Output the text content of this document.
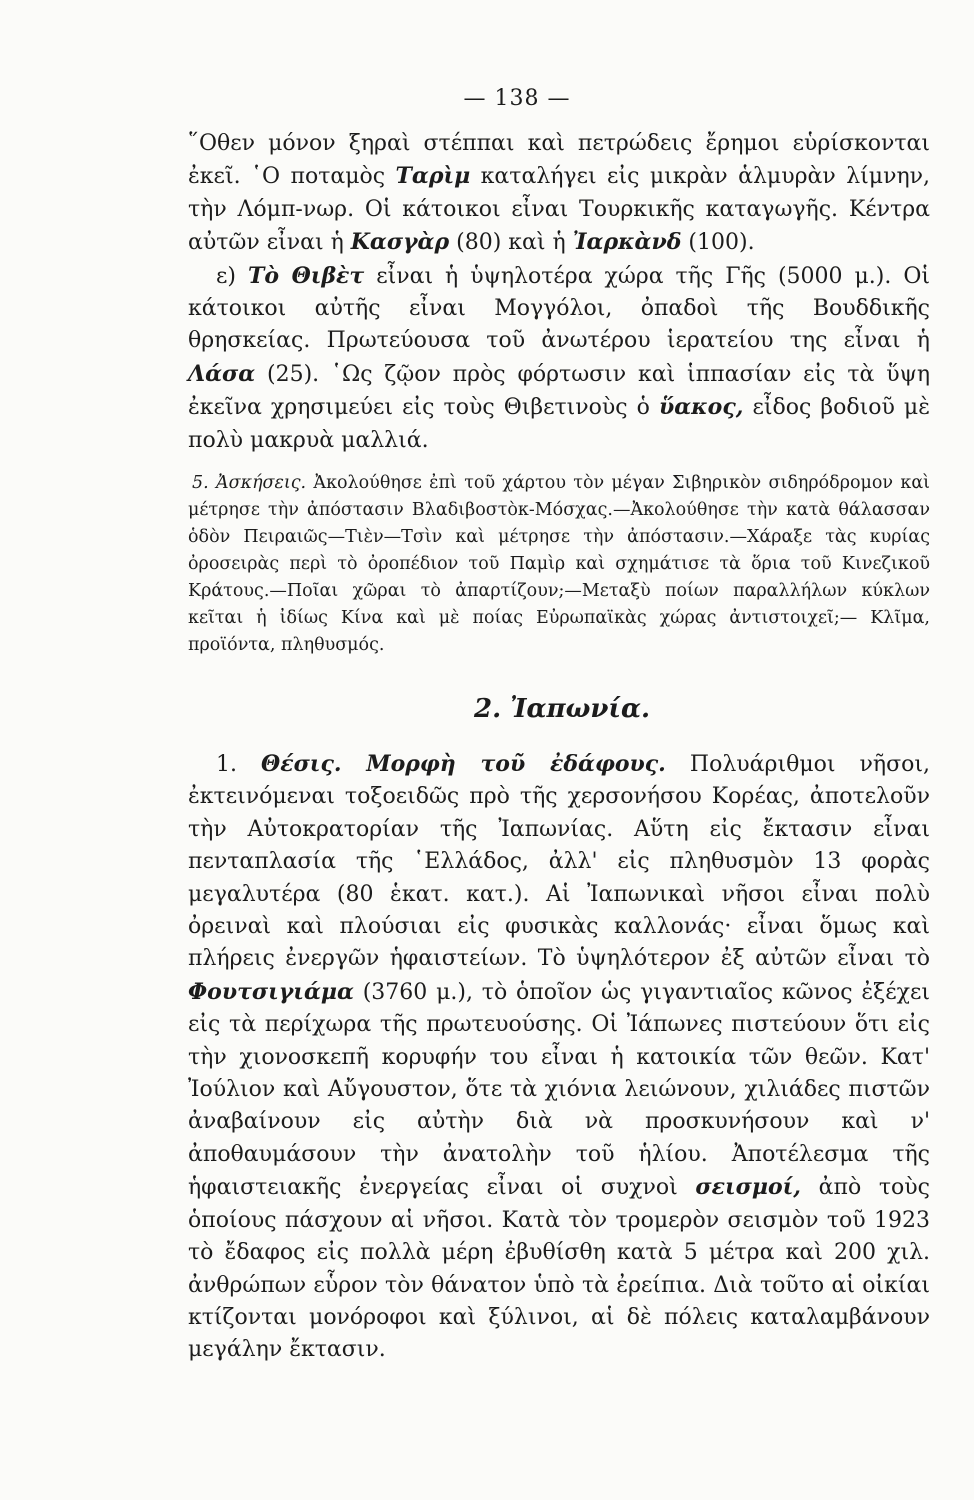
— 138 —

῞Οθεν μόνον ξηραὶ στέππαι καὶ πετρώδεις ἔρημοι εὑρίσκονται ἐκεῖ. ῾Ο ποταμὸς Ταρὶμ καταλήγει εἰς μικρὰν ἁλμυρὰν λίμνην, τὴν Λόμπ-νωρ. Οἱ κάτοικοι εἶναι Τουρκικῆς καταγωγῆς. Κέντρα αὐτῶν εἶναι ἡ Κασγὰρ (80) καὶ ἡ Ἰαρκὰνδ (100).

ε) Τὸ Θιβὲτ εἶναι ἡ ὑψηλοτέρα χώρα τῆς Γῆς (5000 μ.). Οἱ κάτοικοι αὐτῆς εἶναι Μογγόλοι, ὀπαδοὶ τῆς Βουδδικῆς θρησκείας. Πρωτεύουσα τοῦ ἀνωτέρου ἱερατείου της εἶναι ἡ Λάσα (25). ῾Ως ζῷον πρὸς φόρτωσιν καὶ ἱππασίαν εἰς τὰ ὕψη ἐκεῖνα χρησιμεύει εἰς τοὺς Θιβετινοὺς ὁ ὕακος, εἶδος βοδιοῦ μὲ πολὺ μακρυὰ μαλλιά.

5. Ἀσκήσεις. Ἀκολούθησε ἐπὶ τοῦ χάρτου τὸν μέγαν Σιβηρικὸν σιδηρόδρομον καὶ μέτρησε τὴν ἀπόστασιν Βλαδιβοστὸκ-Μόσχας.—Ἀκολούθησε τὴν κατὰ θάλασσαν ὁδὸν Πειραιῶς—Τιὲν—Τσὶν καὶ μέτρησε τὴν ἀπόστασιν.—Χάραξε τὰς κυρίας ὀροσειρὰς περὶ τὸ ὀροπέδιον τοῦ Παμὶρ καὶ σχημάτισε τὰ ὅρια τοῦ Κινεζικοῦ Κράτους.—Ποῖαι χῶραι τὸ ἀπαρτίζουν;—Μεταξὺ ποίων παραλλήλων κύκλων κεῖται ἡ ἰδίως Κίνα καὶ μὲ ποίας Εὐρωπαϊκὰς χώρας ἀντιστοιχεῖ;— Κλῖμα, προϊόντα, πληθυσμός.

2. Ἰαπωνία.

1. Θέσις. Μορφὴ τοῦ ἐδάφους. Πολυάριθμοι νῆσοι, ἐκτεινόμεναι τοξοειδῶς πρὸ τῆς χερσονήσου Κορέας, ἀποτελοῦν τὴν Αὐτοκρατορίαν τῆς Ἰαπωνίας. Αὕτη εἰς ἔκτασιν εἶναι πενταπλασία τῆς ῾Ελλάδος, ἀλλ' εἰς πληθυσμὸν 13 φορὰς μεγαλυτέρα (80 ἑκατ. κατ.). Αἱ Ἰαπωνικαὶ νῆσοι εἶναι πολὺ ὀρειναὶ καὶ πλούσιαι εἰς φυσικὰς καλλονάς· εἶναι ὅμως καὶ πλήρεις ἐνεργῶν ἡφαιστείων. Τὸ ὑψηλότερον ἐξ αὐτῶν εἶναι τὸ Φουτσιγιάμα (3760 μ.), τὸ ὁποῖον ὡς γιγαντιαῖος κῶνος ἐξέχει εἰς τὰ περίχωρα τῆς πρωτευούσης. Οἱ Ἰάπωνες πιστεύουν ὅτι εἰς τὴν χιονοσκεπῆ κορυφήν του εἶναι ἡ κατοικία τῶν θεῶν. Κατ' Ἰούλιον καὶ Αὔγουστον, ὅτε τὰ χιόνια λειώνουν, χιλιάδες πιστῶν ἀναβαίνουν εἰς αὐτὴν διὰ νὰ προσκυνήσουν καὶ ν' ἀποθαυμάσουν τὴν ἀνατολὴν τοῦ ἡλίου. Ἀποτέλεσμα τῆς ἡφαιστειακῆς ἐνεργείας εἶναι οἱ συχνοὶ σεισμοί, ἀπὸ τοὺς ὁποίους πάσχουν αἱ νῆσοι. Κατὰ τὸν τρομερὸν σεισμὸν τοῦ 1923 τὸ ἔδαφος εἰς πολλὰ μέρη ἐβυθίσθη κατὰ 5 μέτρα καὶ 200 χιλ. ἀνθρώπων εὗρον τὸν θάνατον ὑπὸ τὰ ἐρείπια. Διὰ τοῦτο αἱ οἰκίαι κτίζονται μονόροφοι καὶ ξύλινοι, αἱ δὲ πόλεις καταλαμβάνουν μεγάλην ἔκτασιν.
